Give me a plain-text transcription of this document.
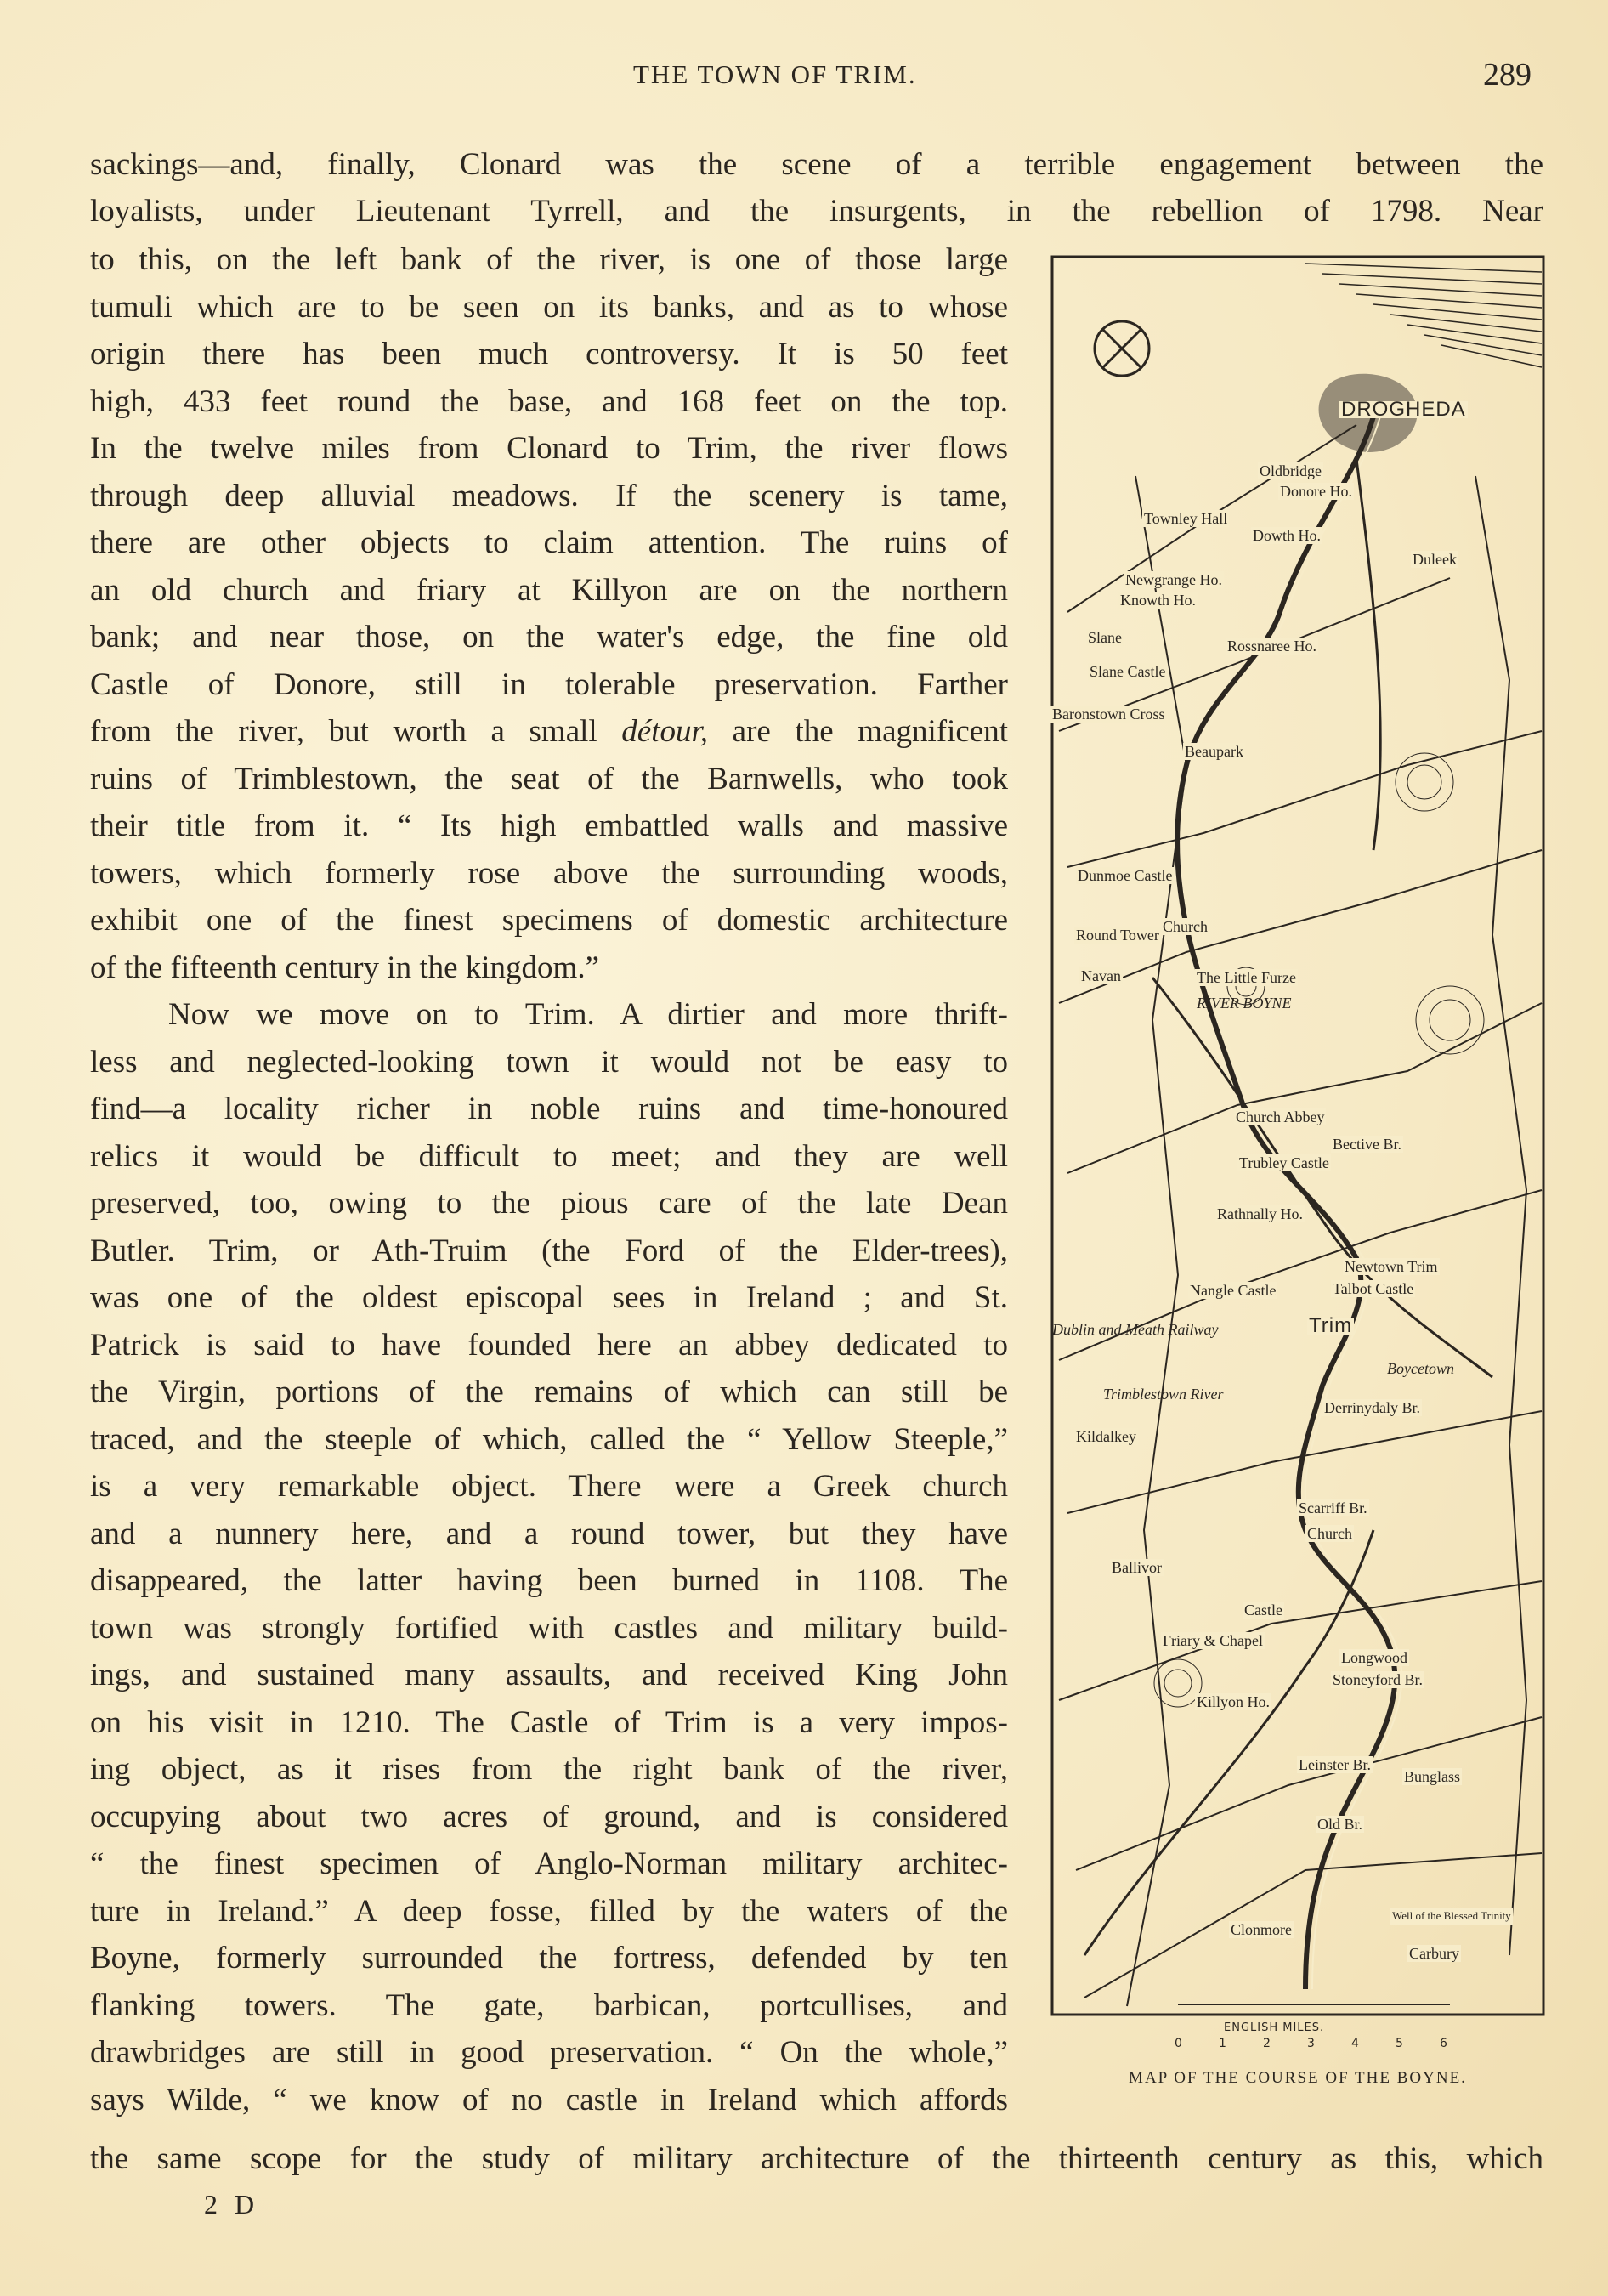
THE TOWN OF TRIM.	289
sackings—and, finally, Clonard was the scene of a terrible engagement between the
loyalists, under Lieutenant Tyrrell, and the insurgents, in the rebellion of 1798. Near
to this, on the left bank of the river, is one of those large
tumuli which are to be seen on its banks, and as to whose
origin there has been much controversy. It is 50 feet
high, 433 feet round the base, and 168 feet on the top.
In the twelve miles from Clonard to Trim, the river flows
through deep alluvial meadows. If the scenery is tame,
there are other objects to claim attention. The ruins of
an old church and friary at Killyon are on the northern
bank; and near those, on the water's edge, the fine old
Castle of Donore, still in tolerable preservation. Farther
from the river, but worth a small détour, are the magnificent
ruins of Trimblestown, the seat of the Barnwells, who took
their title from it. “ Its high embattled walls and massive
towers, which formerly rose above the surrounding woods,
exhibit one of the finest specimens of domestic architecture
of the fifteenth century in the kingdom.”
Now we move on to Trim. A dirtier and more thrift-
less and neglected-looking town it would not be easy to
find—a locality richer in noble ruins and time-honoured
relics it would be difficult to meet; and they are well
preserved, too, owing to the pious care of the late Dean
Butler. Trim, or Ath-Truim (the Ford of the Elder-trees),
was one of the oldest episcopal sees in Ireland ; and St.
Patrick is said to have founded here an abbey dedicated to
the Virgin, portions of the remains of which can still be
traced, and the steeple of which, called the “ Yellow Steeple,”
is a very remarkable object. There were a Greek church
and a nunnery here, and a round tower, but they have
disappeared, the latter having been burned in 1108. The
town was strongly fortified with castles and military build-
ings, and sustained many assaults, and received King John
on his visit in 1210. The Castle of Trim is a very impos-
ing object, as it rises from the right bank of the river,
occupying about two acres of ground, and is considered
“ the finest specimen of Anglo-Norman military architec-
ture in Ireland.” A deep fosse, filled by the waters of the
Boyne, formerly surrounded the fortress, defended by ten
flanking towers. The gate, barbican, portcullises, and
drawbridges are still in good preservation. “ On the whole,”
says Wilde, “ we know of no castle in Ireland which affords
the same scope for the study of military architecture of the thirteenth century as this, which
2 D
DROGHEDA
Oldbridge
Donore Ho.
Townley Hall
Dowth Ho.
Duleek
Newgrange Ho.
Knowth Ho.
Slane	Rossnaree Ho.
Slane Castle
Baronstown Cross
Beaupark
Dunmoe Castle
Round Tower Church
Navan	The Little Furze
RIVER BOYNE
Church Abbey
Bective Br.
Trubley Castle
Rathnally Ho.
Newtown Trim
Talbot Castle
Nangle Castle
Dublin and Meath Railway	Trim
Boycetown
Trimblestown River
Derrinydaly Br.
Kildalkey
Scarriff Br.
Church
Ballivor
Castle
Friary & Chapel
Longwood
Stoneyford Br.
Killyon Ho.
Leinster Br.
Bunglass
Old Br.
Clonmore
Well of the Blessed Trinity
Carbury
ENGLISH MILES.
0	1	2	3	4	5	6
MAP OF THE COURSE OF THE BOYNE.
